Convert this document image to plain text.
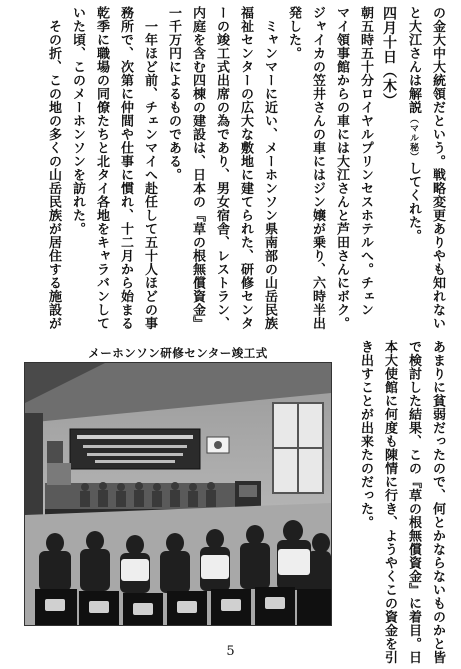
の金大中大統領だという。戦略変更ありやも知れない
と大江さんは解説（マル秘）してくれた。
四月十日（木）
朝五時五十分ロイヤルプリンセスホテルへ。チェン
マイ領事館からの車には大江さんと芦田さんにボク。
ジャイカの笠井さんの車にはジン嬢が乗り、六時半出
発した。
　ミャンマーに近い、メーホンソン県南部の山岳民族
福祉センターの広大な敷地に建てられた、研修センタ
ーの竣工式出席の為であり、男女宿舎、レストラン、
内庭を含む四棟の建設は、日本の『草の根無償資金』
一千万円によるものである。
　一年ほど前、チェンマイへ赴任して五十人ほどの事
務所で、次第に仲間や仕事に慣れ、十二月から始まる
乾季に職場の同僚たちと北タイ各地をキャラバンして
いた頃、このメーホンソンを訪れた。
　その折、この地の多くの山岳民族が居住する施設が
あまりに貧弱だったので、何とかならないものかと皆
で検討した結果、この『草の根無償資金』に着目。日
本大使館に何度も陳情に行き、ようやくこの資金を引
き出すことが出来たのだった。
メーホンソン研修センター竣工式
5
